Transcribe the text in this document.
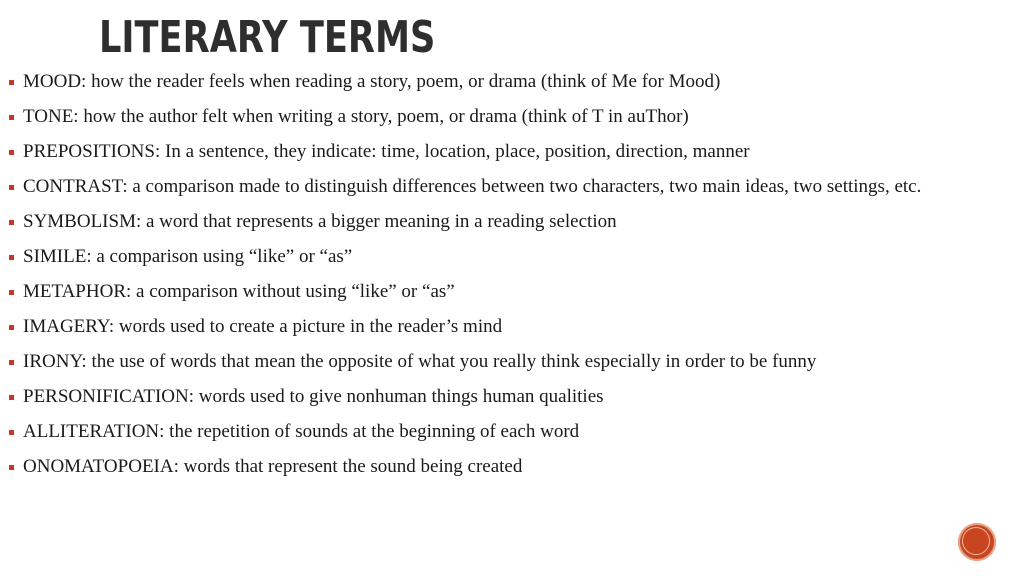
LITERARY TERMS
MOOD: how the reader feels when reading a story, poem, or drama (think of Me for Mood)
TONE: how the author felt when writing a story, poem, or drama (think of T in auThor)
PREPOSITIONS: In a sentence, they indicate: time, location, place, position, direction, manner
CONTRAST: a comparison made to distinguish differences between two characters, two main ideas, two settings, etc.
SYMBOLISM: a word that represents a bigger meaning in a reading selection
SIMILE: a comparison using “like” or “as”
METAPHOR: a comparison without using “like” or “as”
IMAGERY: words used to create a picture in the reader’s mind
IRONY: the use of words that mean the opposite of what you really think especially in order to be funny
PERSONIFICATION: words used to give nonhuman things human qualities
ALLITERATION: the repetition of sounds at the beginning of each word
ONOMATOPOEIA: words that represent the sound being created
